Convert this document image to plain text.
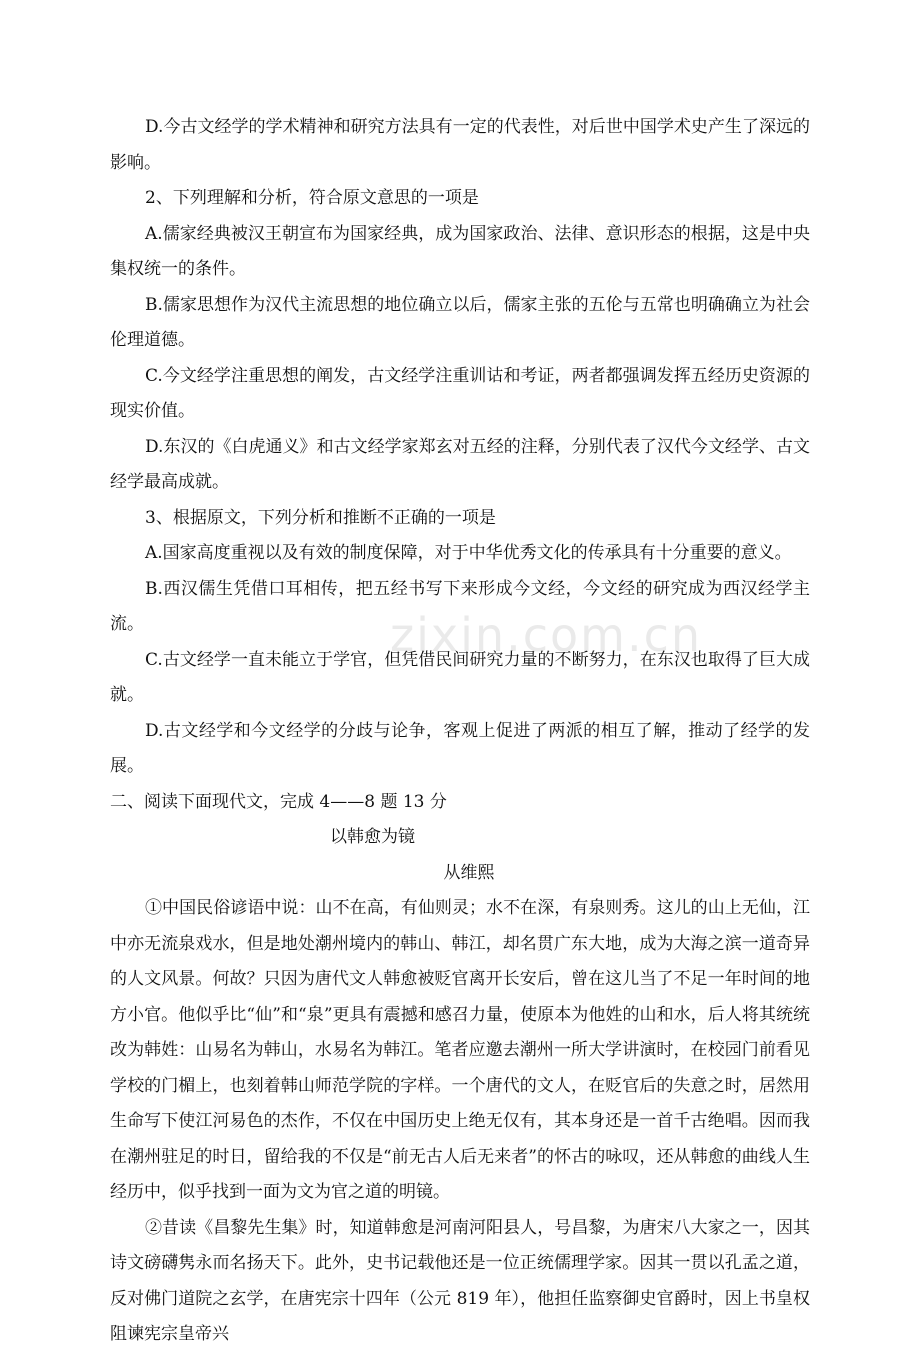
D.今古文经学的学术精神和研究方法具有一定的代表性，对后世中国学术史产生了深远的影响。

2、下列理解和分析，符合原文意思的一项是

A.儒家经典被汉王朝宣布为国家经典，成为国家政治、法律、意识形态的根据，这是中央集权统一的条件。

B.儒家思想作为汉代主流思想的地位确立以后，儒家主张的五伦与五常也明确确立为社会伦理道德。

C.今文经学注重思想的阐发，古文经学注重训诂和考证，两者都强调发挥五经历史资源的现实价值。

D.东汉的《白虎通义》和古文经学家郑玄对五经的注释，分别代表了汉代今文经学、古文经学最高成就。

3、根据原文，下列分析和推断不正确的一项是

A.国家高度重视以及有效的制度保障，对于中华优秀文化的传承具有十分重要的意义。

B.西汉儒生凭借口耳相传，把五经书写下来形成今文经，今文经的研究成为西汉经学主流。

C.古文经学一直未能立于学官，但凭借民间研究力量的不断努力，在东汉也取得了巨大成就。

D.古文经学和今文经学的分歧与论争，客观上促进了两派的相互了解，推动了经学的发展。

二、阅读下面现代文，完成 4——8 题 13 分

以韩愈为镜

从维熙

①中国民俗谚语中说：山不在高，有仙则灵；水不在深，有泉则秀。这儿的山上无仙，江中亦无流泉戏水，但是地处潮州境内的韩山、韩江，却名贯广东大地，成为大海之滨一道奇异的人文风景。何故？只因为唐代文人韩愈被贬官离开长安后，曾在这儿当了不足一年时间的地方小官。他似乎比“仙”和“泉”更具有震撼和感召力量，使原本为他姓的山和水，后人将其统统改为韩姓：山易名为韩山，水易名为韩江。笔者应邀去潮州一所大学讲演时，在校园门前看见学校的门楣上，也刻着韩山师范学院的字样。一个唐代的文人，在贬官后的失意之时，居然用生命写下使江河易色的杰作，不仅在中国历史上绝无仅有，其本身还是一首千古绝唱。因而我在潮州驻足的时日，留给我的不仅是“前无古人后无来者”的怀古的咏叹，还从韩愈的曲线人生经历中，似乎找到一面为文为官之道的明镜。

②昔读《昌黎先生集》时，知道韩愈是河南河阳县人，号昌黎，为唐宋八大家之一，因其诗文磅礴隽永而名扬天下。此外，史书记载他还是一位正统儒理学家。因其一贯以孔孟之道，反对佛门道院之玄学，在唐宪宗十四年（公元 819 年），他担任监察御史官爵时，因上书皇权阻谏宪宗皇帝兴

zixin.com.cn
